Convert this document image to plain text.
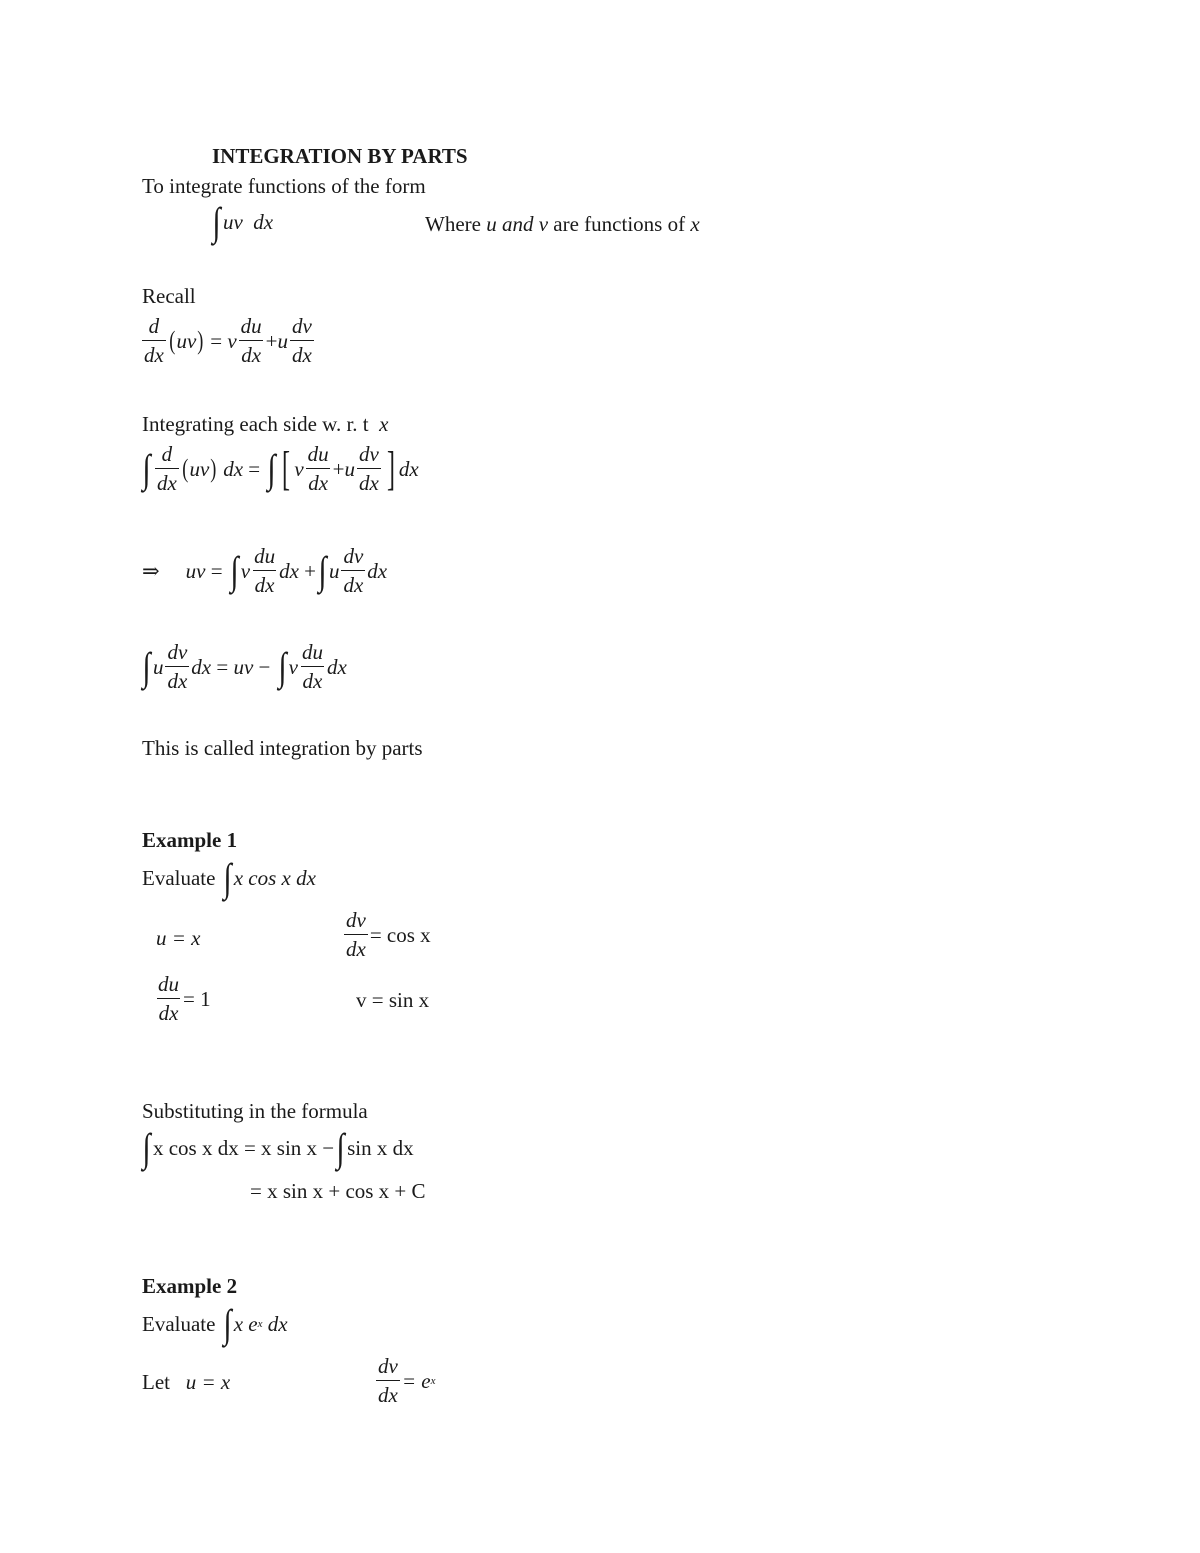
INTEGRATION BY PARTS
To integrate functions of the form
∫ uv  dx	Where u and v are functions of x
Recall
$\frac{d}{dx}$ ( uv ) = v $\frac{du}{dx} + u \frac{dv}{dx}$
Integrating each side w. r. t x
∫ $\frac{d}{dx}$ ( uv ) dx = ∫ [ v $\frac{du}{dx} + u \frac{dv}{dx}$ ] dx
⇒ uv = ∫ v $\frac{du}{dx}$ dx + ∫ u $\frac{dv}{dx}$ dx
∫ u $\frac{dv}{dx}$ dx = uv − ∫ v $\frac{du}{dx}$ dx
This is called integration by parts
Example 1
Evaluate
∫ x cos x dx
u = x	$\frac{dv}{dx} = \cos x$
$\frac{du}{dx} = 1$	v = sin x
Substituting in the formula
∫ x cos x dx = x sin x − ∫ sin x dx
= x sin x + cos x + C
Example 2
Evaluate
∫ x e x
dx
Let u = x	$\frac{dv}{dx} = e$ x
